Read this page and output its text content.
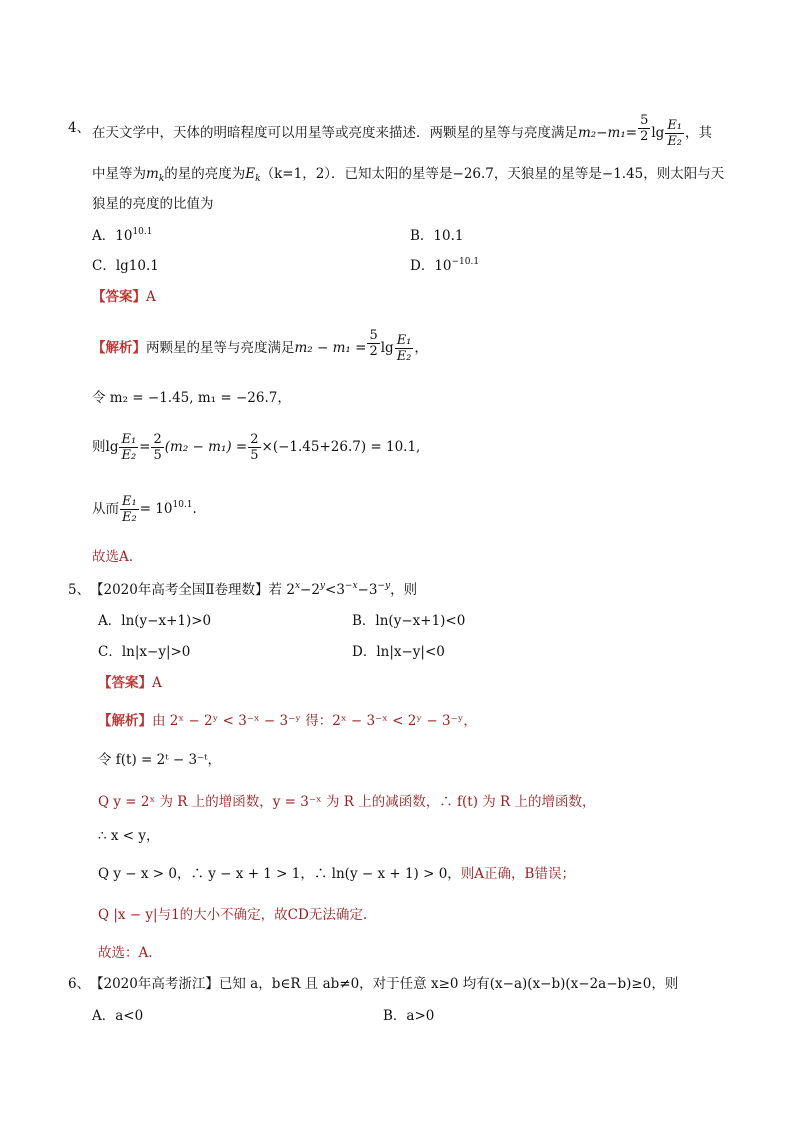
4、 在天文学中，天体的明暗程度可以用星等或亮度来描述．两颗星的星等与亮度满足$m_2-m_1= \frac{5}{2}$ $\lg \frac{\text{E₁}}{\text{E₂}}$ ，其
中星等为$m_k$的星的亮度为$E_k(k=1$，2）．已知太阳的星等是−26.7，天狼星的星等是−1.45，则太阳与天
狼星的亮度的比值为
A．$10^{10.1}$	B．10.1
C．lg10.1	D．$10^{-10.1}$
【答案】A
【解析】两颗星的星等与亮度满足$m_2 - m_1 = \frac{5}{2}$ $\lg \frac{\text{E₁}}{\text{E₂}}$ ，
令 m₂ = −1.45, m₁ = −26.7，
则$\lg \frac{\text{E₁}}{\text{E₂}} = \frac{2}{5} (m_2 - m_1) = \frac{2}{5} \times(-1.45+26.7) = 10.1$,
从而 $\frac{\text{E₁}}{\text{E₂}} = 10^{10.1}$.
故选A.
5、 【2020年高考全国Ⅱ卷理数】若 $2^x-2^y<3^{-x}-3^{-y}$，则
A．ln(y−x+1)>0	B．ln(y−x+1)<0
C．ln|x−y|>0	D．ln|x−y|<0
【答案】A
【解析】由 2ˣ − 2ʸ < 3⁻ˣ − 3⁻ʸ 得：2ˣ − 3⁻ˣ < 2ʸ − 3⁻ʸ，
令 f(t) = 2ᵗ − 3⁻ᵗ，
Q y = 2ˣ 为 R 上的增函数，y = 3⁻ˣ 为 R 上的减函数，∴ f(t) 为 R 上的增函数，
∴ x < y，
Q y − x > 0，∴ y − x + 1 > 1，∴ ln(y − x + 1) > 0，则A正确，B错误；
Q |x − y|与1的大小不确定，故CD无法确定.
故选：A.
6、 【2020年高考浙江】已知 a，b∈R 且 ab≠0，对于任意 x≥0 均有(x−a)(x−b)(x−2a−b)≥0，则
A．a<0	B．a>0
